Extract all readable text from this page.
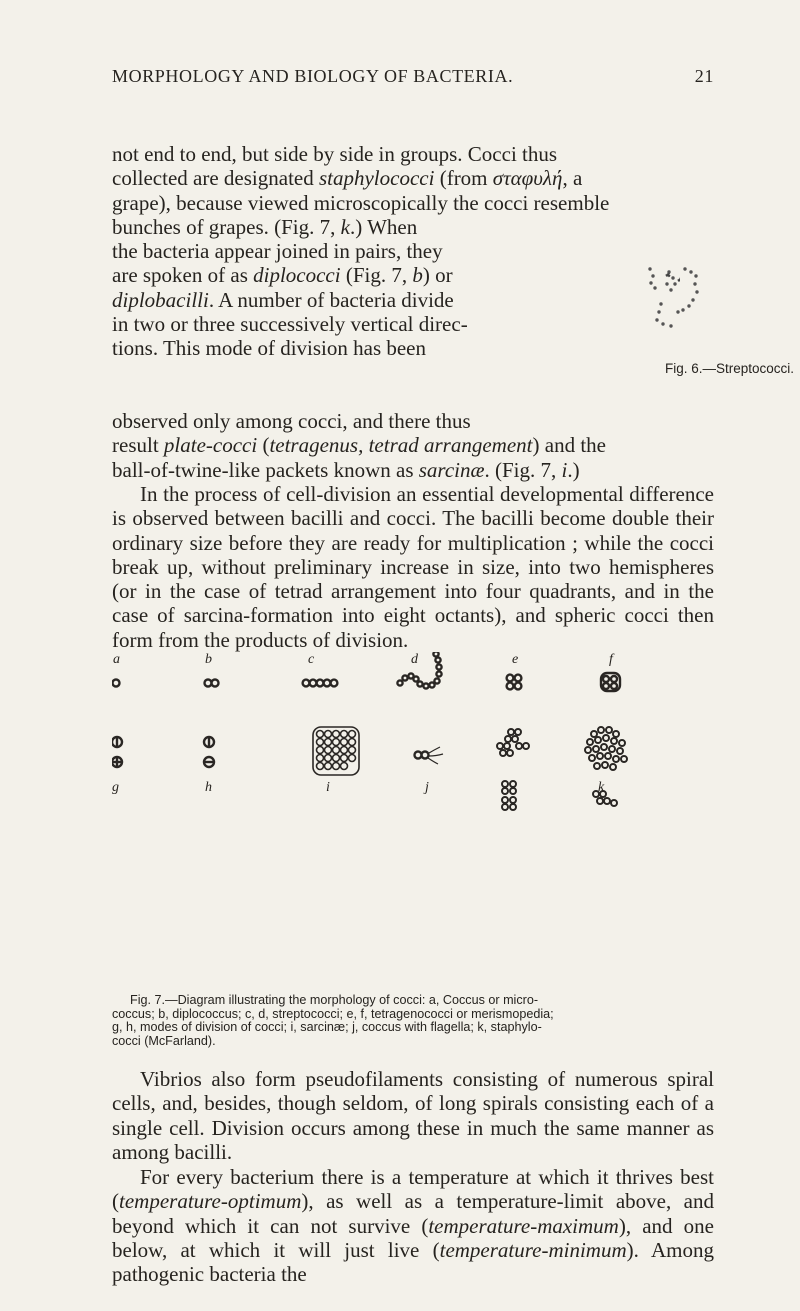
MORPHOLOGY AND BIOLOGY OF BACTERIA.	21

not end to end, but side by side in groups. Cocci thus

collected are designated staphylococci (from σταφυλή, a

grape), because viewed microscopically the cocci resemble

bunches of grapes. (Fig. 7, k.) When

the bacteria appear joined in pairs, they

are spoken of as diplococci (Fig. 7, b) or

diplobacilli. A number of bacteria divide

in two or three successively vertical direc-

tions. This mode of division has been

Fig. 6.—Streptococci.

observed only among cocci, and there thus

result plate-cocci (tetragenus, tetrad arrangement) and the

ball-of-twine-like packets known as sarcinæ. (Fig. 7, i.)

In the process of cell-division an essential developmental difference is observed between bacilli and cocci. The bacilli become double their ordinary size before they are ready for multiplication ; while the cocci break up, without preliminary increase in size, into two hemispheres (or in the case of tetrad arrangement into four quadrants, and in the case of sarcina-formation into eight octants), and spheric cocci then form from the products of division.

a	b	c	d	e	f
g	h	i	j	k

Fig. 7.—Diagram illustrating the morphology of cocci: a, Coccus or micro-

coccus; b, diplococcus; c, d, streptococci; e, f, tetragenococci or merismopedia;

g, h, modes of division of cocci; i, sarcinæ; j, coccus with flagella; k, staphylo-

cocci (McFarland).

Vibrios also form pseudofilaments consisting of numerous spiral cells, and, besides, though seldom, of long spirals consisting each of a single cell. Division occurs among these in much the same manner as among bacilli.

For every bacterium there is a temperature at which it thrives best (temperature-optimum), as well as a temperature-limit above, and beyond which it can not survive (temperature-maximum), and one below, at which it will just live (temperature-minimum). Among pathogenic bacteria the
